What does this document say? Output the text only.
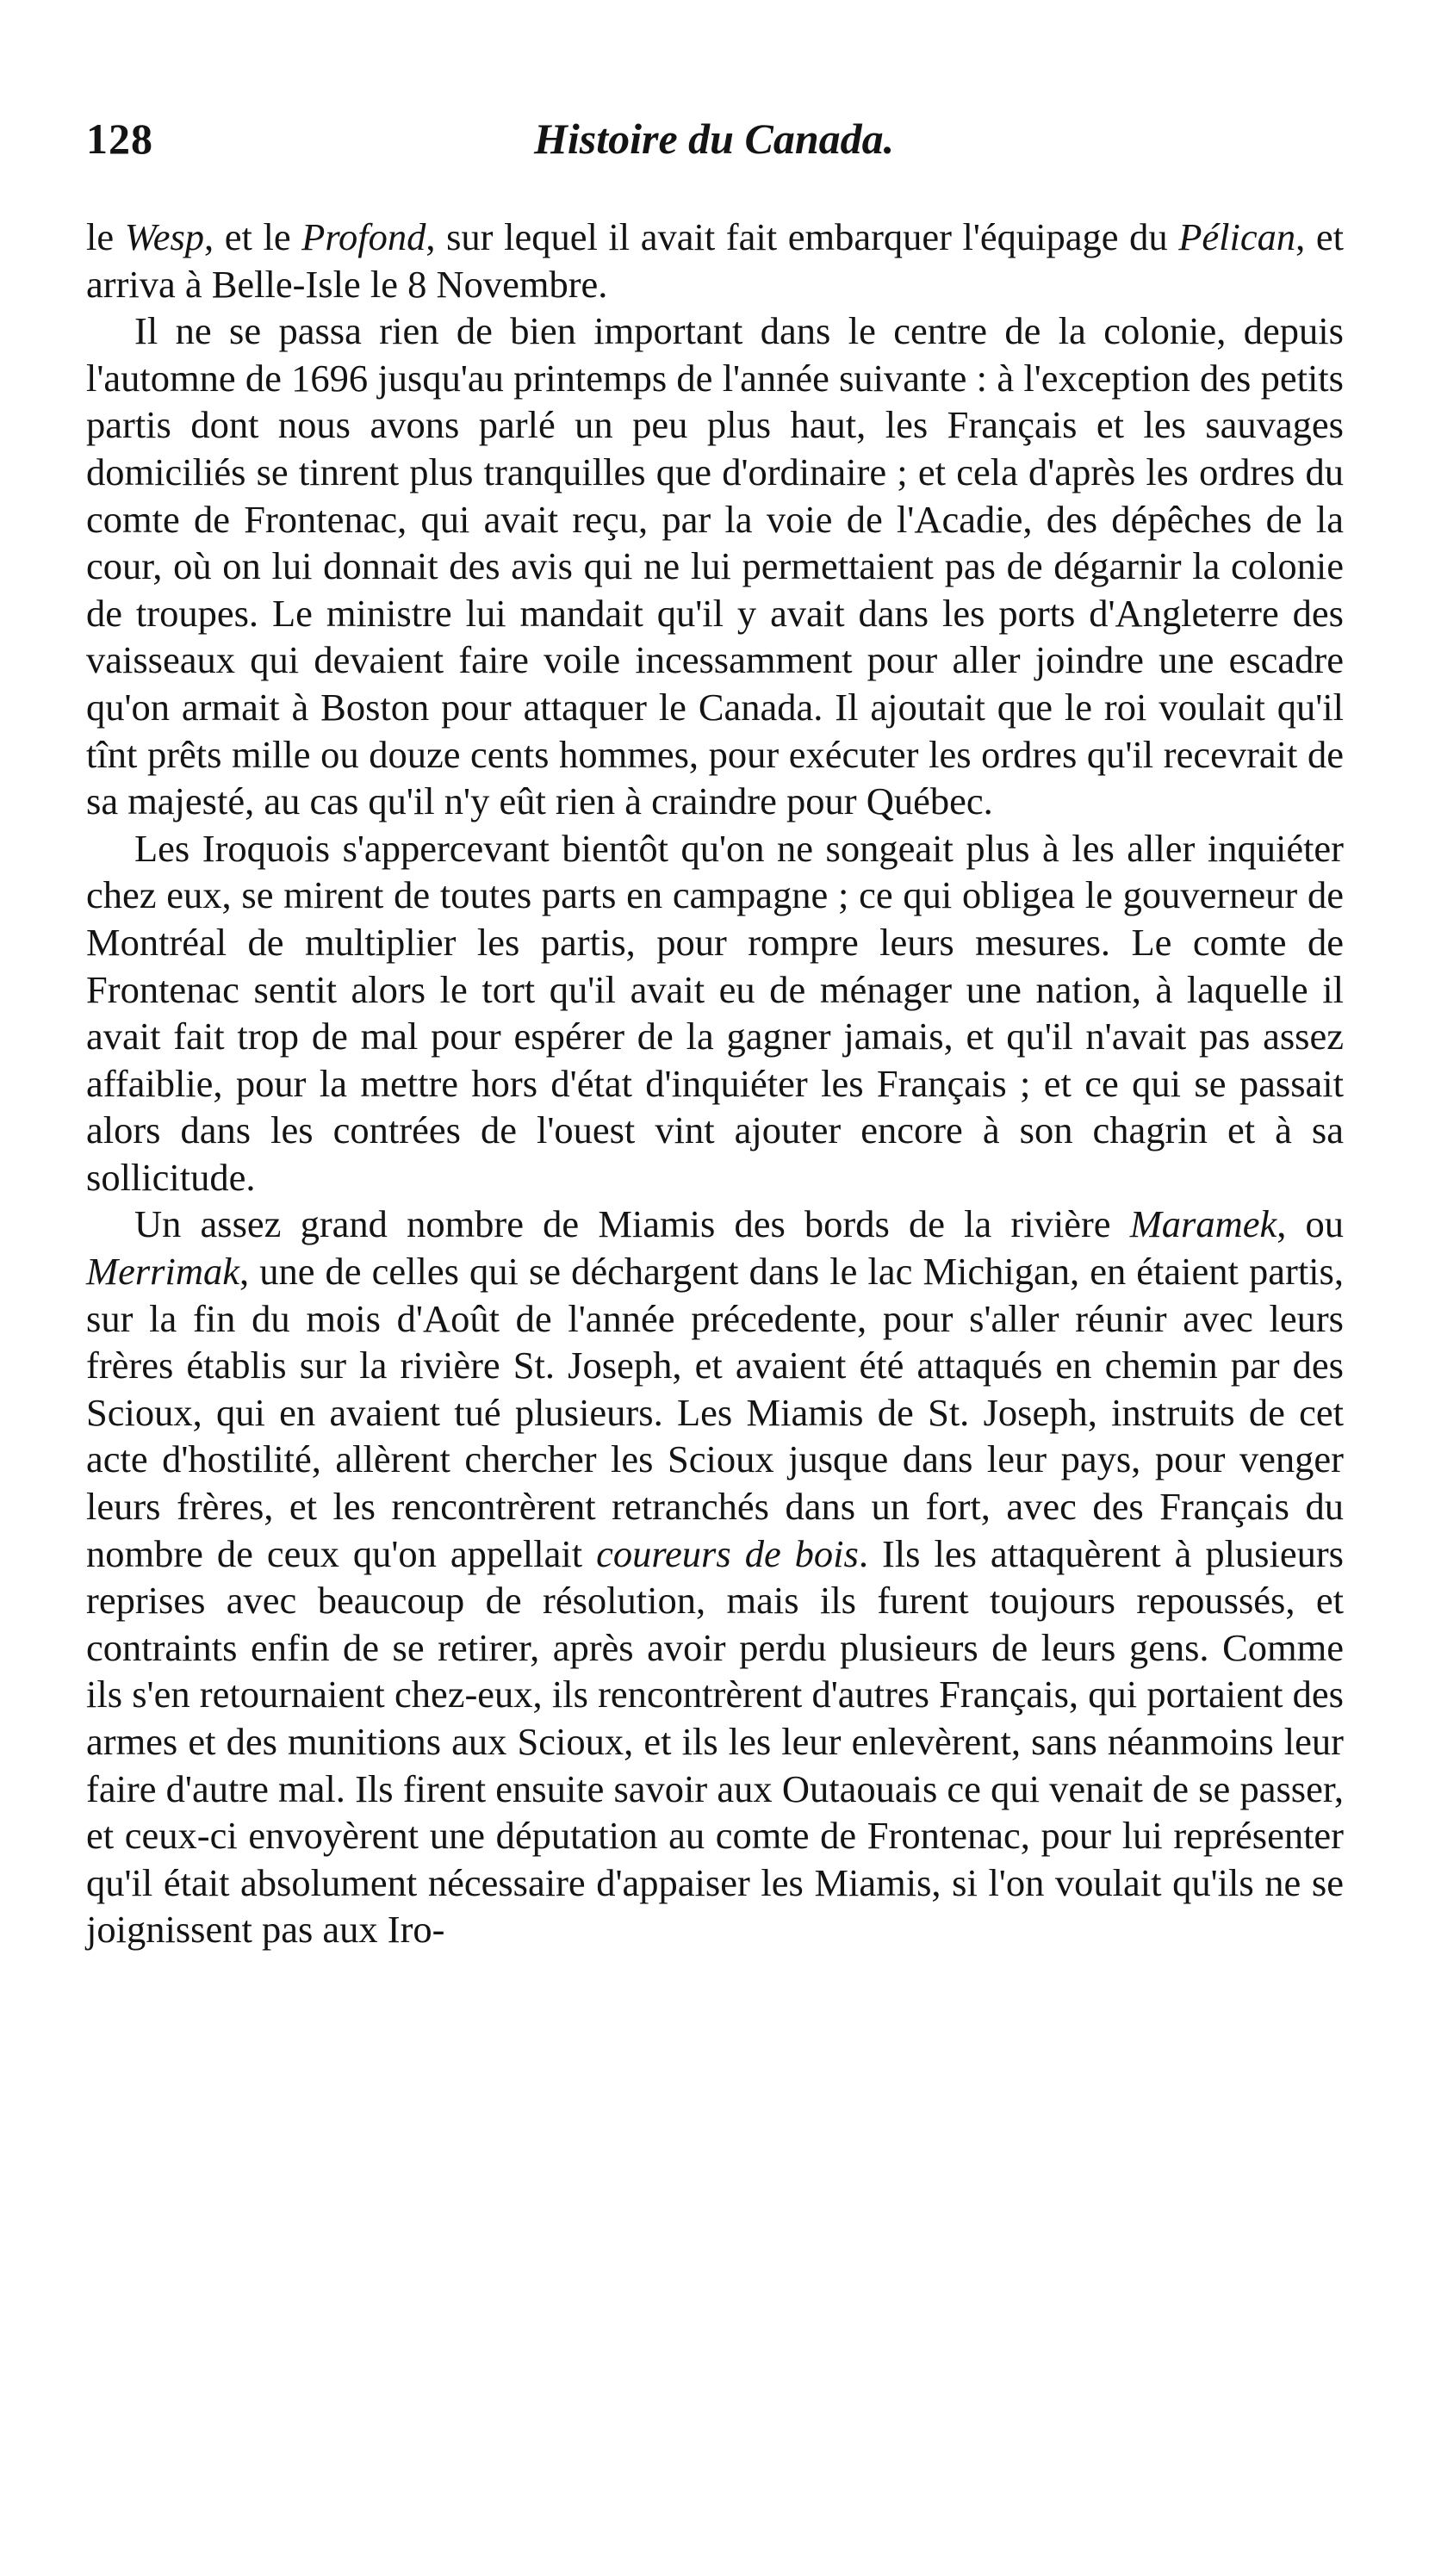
128	Histoire du Canada.

le Wesp, et le Profond, sur lequel il avait fait embarquer l'équipage du Pélican, et arriva à Belle-Isle le 8 Novembre.

Il ne se passa rien de bien important dans le centre de la colonie, depuis l'automne de 1696 jusqu'au printemps de l'année suivante : à l'exception des petits partis dont nous avons parlé un peu plus haut, les Français et les sauvages domiciliés se tinrent plus tranquilles que d'ordinaire ; et cela d'après les ordres du comte de Frontenac, qui avait reçu, par la voie de l'Acadie, des dépêches de la cour, où on lui donnait des avis qui ne lui permettaient pas de dégarnir la colonie de troupes. Le ministre lui mandait qu'il y avait dans les ports d'Angleterre des vaisseaux qui devaient faire voile incessamment pour aller joindre une escadre qu'on armait à Boston pour attaquer le Canada. Il ajoutait que le roi voulait qu'il tînt prêts mille ou douze cents hommes, pour exécuter les ordres qu'il recevrait de sa majesté, au cas qu'il n'y eût rien à craindre pour Québec.

Les Iroquois s'appercevant bientôt qu'on ne songeait plus à les aller inquiéter chez eux, se mirent de toutes parts en campagne ; ce qui obligea le gouverneur de Montréal de multiplier les partis, pour rompre leurs mesures. Le comte de Frontenac sentit alors le tort qu'il avait eu de ménager une nation, à laquelle il avait fait trop de mal pour espérer de la gagner jamais, et qu'il n'avait pas assez affaiblie, pour la mettre hors d'état d'inquiéter les Français ; et ce qui se passait alors dans les contrées de l'ouest vint ajouter encore à son chagrin et à sa sollicitude.

Un assez grand nombre de Miamis des bords de la rivière Maramek, ou Merrimak, une de celles qui se déchargent dans le lac Michigan, en étaient partis, sur la fin du mois d'Août de l'année précedente, pour s'aller réunir avec leurs frères établis sur la rivière St. Joseph, et avaient été attaqués en chemin par des Scioux, qui en avaient tué plusieurs. Les Miamis de St. Joseph, instruits de cet acte d'hostilité, allèrent chercher les Scioux jusque dans leur pays, pour venger leurs frères, et les rencontrèrent retranchés dans un fort, avec des Français du nombre de ceux qu'on appellait coureurs de bois. Ils les attaquèrent à plusieurs reprises avec beaucoup de résolution, mais ils furent toujours repoussés, et contraints enfin de se retirer, après avoir perdu plusieurs de leurs gens. Comme ils s'en retournaient chez-eux, ils rencontrèrent d'autres Français, qui portaient des armes et des munitions aux Scioux, et ils les leur enlevèrent, sans néanmoins leur faire d'autre mal. Ils firent ensuite savoir aux Outaouais ce qui venait de se passer, et ceux-ci envoyèrent une députation au comte de Frontenac, pour lui représenter qu'il était absolument nécessaire d'appaiser les Miamis, si l'on voulait qu'ils ne se joignissent pas aux Iro-
